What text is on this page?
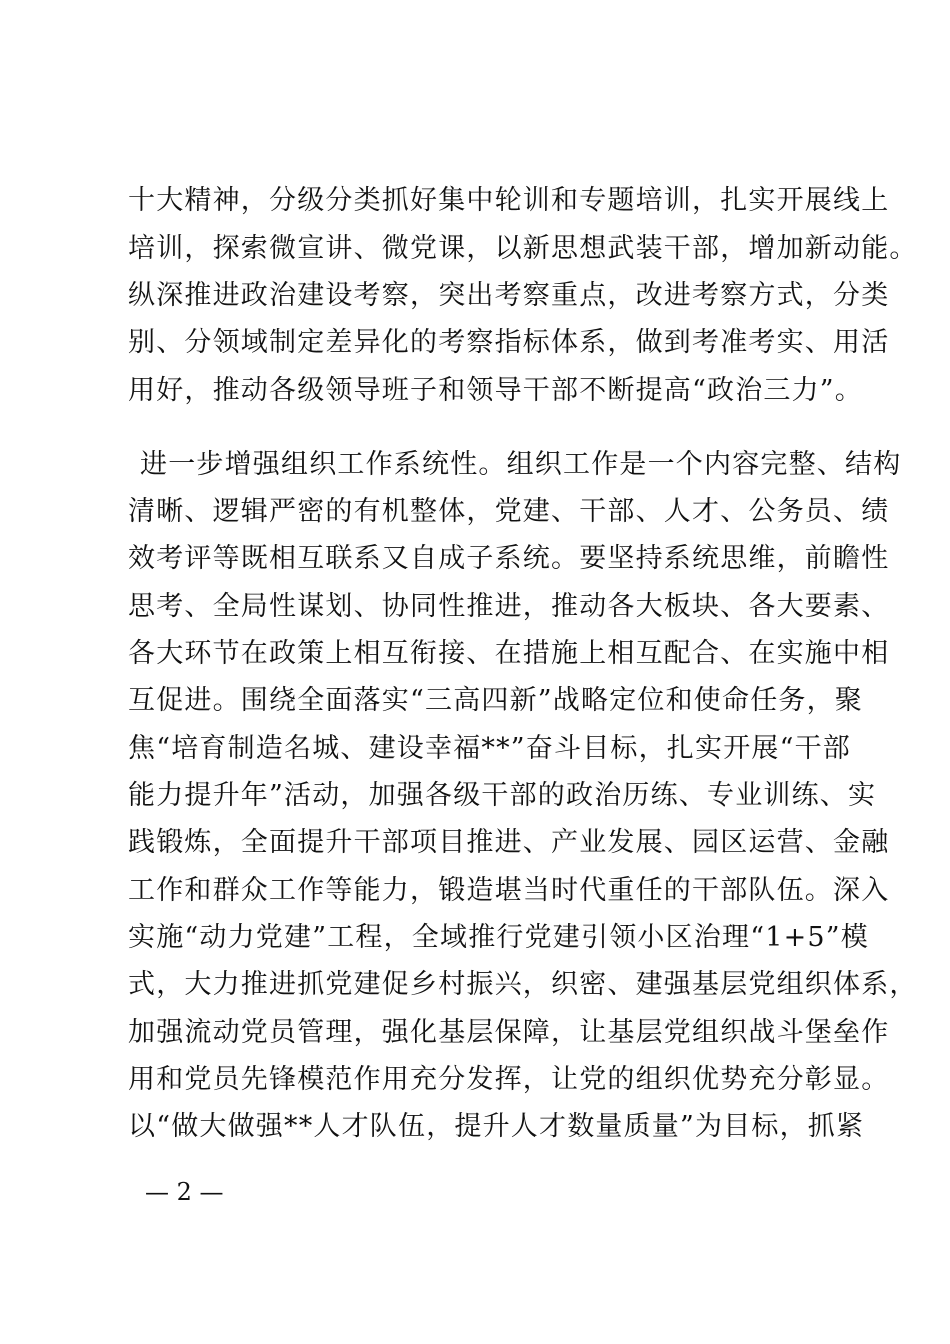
十大精神，分级分类抓好集中轮训和专题培训，扎实开展线上
培训，探索微宣讲、微党课，以新思想武装干部，增加新动能。
纵深推进政治建设考察，突出考察重点，改进考察方式，分类
别、分领域制定差异化的考察指标体系，做到考准考实、用活
用好，推动各级领导班子和领导干部不断提高“政治三力”。
进一步增强组织工作系统性。组织工作是一个内容完整、结构
清晰、逻辑严密的有机整体，党建、干部、人才、公务员、绩
效考评等既相互联系又自成子系统。要坚持系统思维，前瞻性
思考、全局性谋划、协同性推进，推动各大板块、各大要素、
各大环节在政策上相互衔接、在措施上相互配合、在实施中相
互促进。围绕全面落实“三高四新”战略定位和使命任务，聚
焦“培育制造名城、建设幸福**”奋斗目标，扎实开展“干部
能力提升年”活动，加强各级干部的政治历练、专业训练、实
践锻炼，全面提升干部项目推进、产业发展、园区运营、金融
工作和群众工作等能力，锻造堪当时代重任的干部队伍。深入
实施“动力党建”工程，全域推行党建引领小区治理“1+5”模
式，大力推进抓党建促乡村振兴，织密、建强基层党组织体系，
加强流动党员管理，强化基层保障，让基层党组织战斗堡垒作
用和党员先锋模范作用充分发挥，让党的组织优势充分彰显。
以“做大做强**人才队伍，提升人才数量质量”为目标，抓紧
— 2 —
